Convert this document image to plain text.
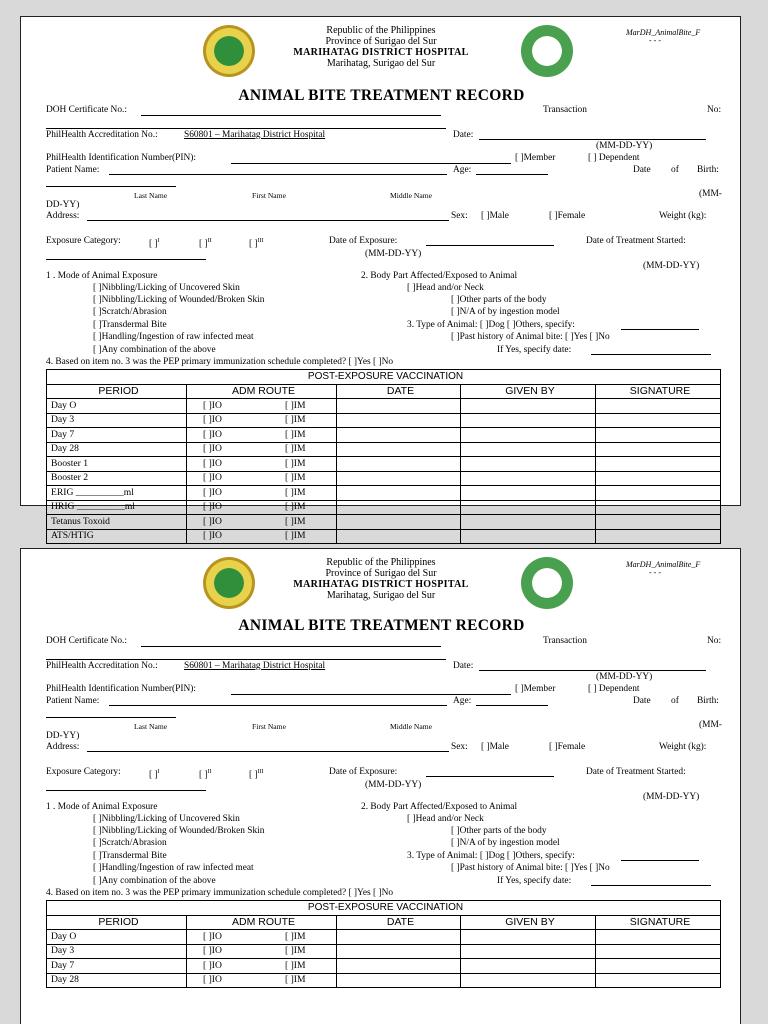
Republic of the Philippines
Province of Surigao del Sur
MARIHATAG DISTRICT HOSPITAL
Marihatag, Surigao del Sur
MarDH_AnimalBite_F
- - -
ANIMAL BITE TREATMENT RECORD
DOH Certificate No.:	Transaction	No:
PhilHealth Accreditation No.:	S60801 – Marihatag District Hospital	Date:
(MM-DD-YY)
PhilHealth Identification Number(PIN):	[ ]Member	[ ] Dependent
Patient Name:	Age:	Date of Birth:
Last Name	First Name	Middle Name	(MM-
DD-YY)
Address:	Sex: [ ]Male	[ ]Female	Weight (kg):
Exposure Category:	[ ]$^I$	[ ]$^{II}$	[ ]$^{III}$	Date of Exposure:	Date of Treatment Started:
(MM-DD-YY)
(MM-DD-YY)
1 . Mode of Animal Exposure
[ ]Nibbling/Licking of Uncovered Skin
[ ]Nibbling/Licking of Wounded/Broken Skin
[ ]Scratch/Abrasion
[ ]Transdermal Bite
[ ]Handling/Ingestion of raw infected meat
[ ]Any combination of the above
2. Body Part Affected/Exposed to Animal
[ ]Head and/or Neck
[ ]Other parts of the body
[ ]N/A of by ingestion model
3. Type of Animal: [ ]Dog [ ]Others, specify:
[ ]Past history of Animal bite: [ ]Yes [ ]No
If Yes, specify date:
4. Based on item no. 3 was the PEP primary immunization schedule completed? [ ]Yes [ ]No
POST-EXPOSURE VACCINATION				
PERIOD	ADM ROUTE	DATE	GIVEN BY	SIGNATURE
Day O	[ ]IO [ ]IM			
Day 3	[ ]IO [ ]IM			
Day 7	[ ]IO [ ]IM			
Day 28	[ ]IO [ ]IM			
Booster 1	[ ]IO [ ]IM			
Booster 2	[ ]IO [ ]IM			
ERIG __________ml	[ ]IO [ ]IM			
HRIG __________ml	[ ]IO [ ]IM			
Tetanus Toxoid	[ ]IO [ ]IM			
ATS/HTIG	[ ]IO [ ]IM			
Republic of the Philippines
Province of Surigao del Sur
MARIHATAG DISTRICT HOSPITAL
Marihatag, Surigao del Sur
MarDH_AnimalBite_F
- - -
ANIMAL BITE TREATMENT RECORD
DOH Certificate No.:	Transaction	No:
PhilHealth Accreditation No.:	S60801 – Marihatag District Hospital	Date:
(MM-DD-YY)
PhilHealth Identification Number(PIN):	[ ]Member	[ ] Dependent
Patient Name:	Age:	Date of Birth:
Last Name	First Name	Middle Name	(MM-
DD-YY)
Address:	Sex: [ ]Male	[ ]Female	Weight (kg):
Exposure Category:	[ ]$^I$	[ ]$^{II}$	[ ]$^{III}$	Date of Exposure:	Date of Treatment Started:
(MM-DD-YY)
(MM-DD-YY)
1 . Mode of Animal Exposure
[ ]Nibbling/Licking of Uncovered Skin
[ ]Nibbling/Licking of Wounded/Broken Skin
[ ]Scratch/Abrasion
[ ]Transdermal Bite
[ ]Handling/Ingestion of raw infected meat
[ ]Any combination of the above
2. Body Part Affected/Exposed to Animal
[ ]Head and/or Neck
[ ]Other parts of the body
[ ]N/A of by ingestion model
3. Type of Animal: [ ]Dog [ ]Others, specify:
[ ]Past history of Animal bite: [ ]Yes [ ]No
If Yes, specify date:
4. Based on item no. 3 was the PEP primary immunization schedule completed? [ ]Yes [ ]No
POST-EXPOSURE VACCINATION				
PERIOD	ADM ROUTE	DATE	GIVEN BY	SIGNATURE
Day O	[ ]IO [ ]IM			
Day 3	[ ]IO [ ]IM			
Day 7	[ ]IO [ ]IM			
Day 28	[ ]IO [ ]IM			
